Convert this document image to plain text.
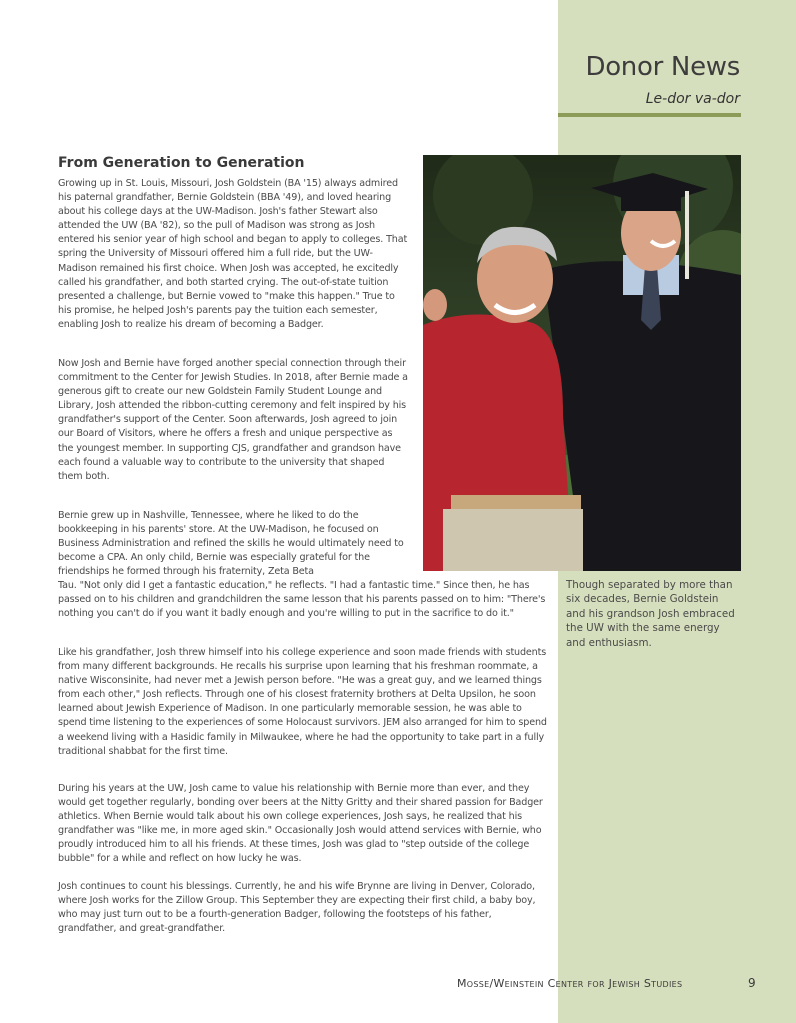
Donor News
Le-dor va-dor
From Generation to Generation

Growing up in St. Louis, Missouri, Josh Goldstein (BA '15) always admired his paternal grandfather, Bernie Goldstein (BBA '49), and loved hearing about his college days at the UW-Madison. Josh's father Stewart also attended the UW (BA '82), so the pull of Madison was strong as Josh entered his senior year of high school and began to apply to colleges. That spring the University of Missouri offered him a full ride, but the UW-Madison remained his first choice. When Josh was accepted, he excitedly called his grandfather, and both started crying. The out-of-state tuition presented a challenge, but Bernie vowed to "make this happen." True to his promise, he helped Josh's parents pay the tuition each semester, enabling Josh to realize his dream of becoming a Badger.

Now Josh and Bernie have forged another special connection through their commitment to the Center for Jewish Studies. In 2018, after Bernie made a generous gift to create our new Goldstein Family Student Lounge and Library, Josh attended the ribbon-cutting ceremony and felt inspired by his grandfather's support of the Center. Soon afterwards, Josh agreed to join our Board of Visitors, where he offers a fresh and unique perspective as the youngest member. In supporting CJS, grandfather and grandson have each found a valuable way to contribute to the university that shaped them both.

Bernie grew up in Nashville, Tennessee, where he liked to do the bookkeeping in his parents' store. At the UW-Madison, he focused on Business Administration and refined the skills he would ultimately need to become a CPA. An only child, Bernie was especially grateful for the friendships he formed through his fraternity, Zeta Beta

Tau. "Not only did I get a fantastic education," he reflects. "I had a fantastic time." Since then, he has passed on to his children and grandchildren the same lesson that his parents passed on to him: "There's nothing you can't do if you want it badly enough and you're willing to put in the sacrifice to do it."

Like his grandfather, Josh threw himself into his college experience and soon made friends with students from many different backgrounds. He recalls his surprise upon learning that his freshman roommate, a native Wisconsinite, had never met a Jewish person before. "He was a great guy, and we learned things from each other," Josh reflects. Through one of his closest fraternity brothers at Delta Upsilon, he soon learned about Jewish Experience of Madison. In one particularly memorable session, he was able to spend time listening to the experiences of some Holocaust survivors. JEM also arranged for him to spend a weekend living with a Hasidic family in Milwaukee, where he had the opportunity to take part in a fully traditional shabbat for the first time.

During his years at the UW, Josh came to value his relationship with Bernie more than ever, and they would get together regularly, bonding over beers at the Nitty Gritty and their shared passion for Badger athletics. When Bernie would talk about his own college experiences, Josh says, he realized that his grandfather was "like me, in more aged skin." Occasionally Josh would attend services with Bernie, who proudly introduced him to all his friends. At these times, Josh was glad to "step outside of the college bubble" for a while and reflect on how lucky he was.

Josh continues to count his blessings. Currently, he and his wife Brynne are living in Denver, Colorado, where Josh works for the Zillow Group. This September they are expecting their first child, a baby boy, who may just turn out to be a fourth-generation Badger, following the footsteps of his father, grandfather, and great-grandfather.

Though separated by more than six decades, Bernie Goldstein and his grandson Josh embraced the UW with the same energy and enthusiasm.
Mosse/Weinstein Center for Jewish Studies	9
